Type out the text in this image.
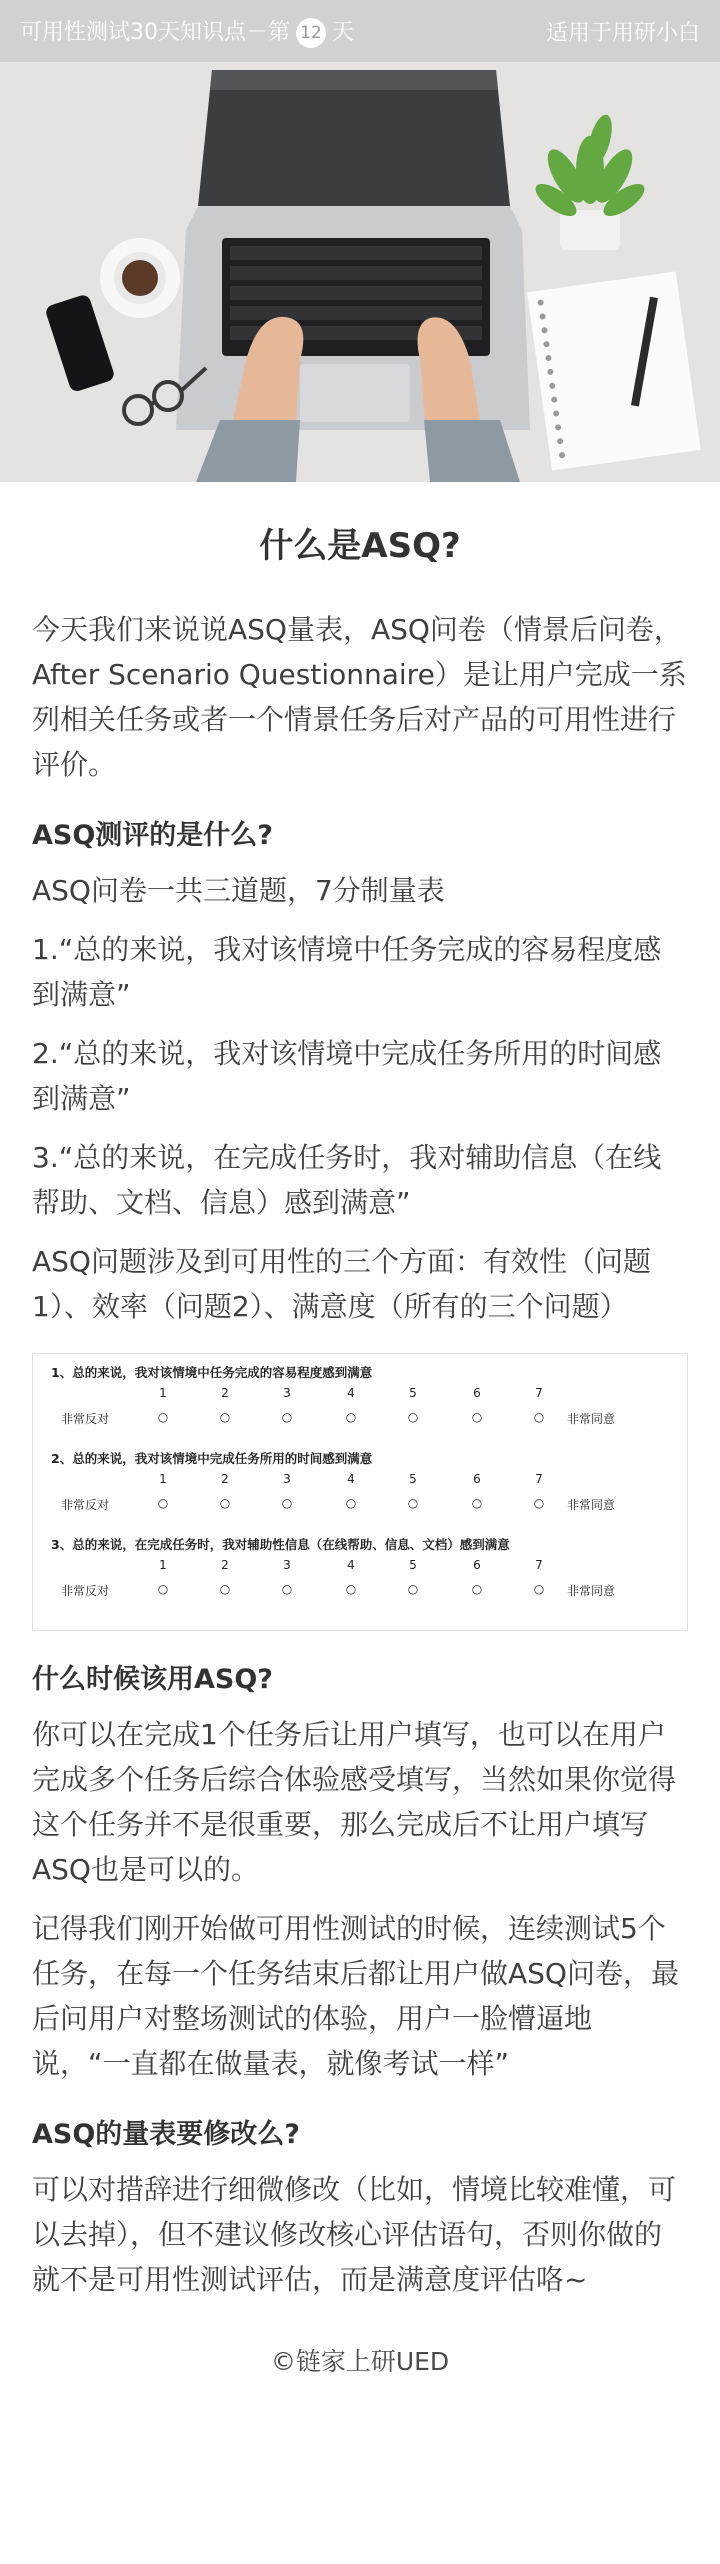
可用性测试30天知识点－第 12 天	适用于用研小白
什么是ASQ?

今天我们来说说ASQ量表，ASQ问卷（情景后问卷，After Scenario Questionnaire）是让用户完成一系列相关任务或者一个情景任务后对产品的可用性进行评价。

ASQ测评的是什么?

ASQ问卷一共三道题，7分制量表

1.“总的来说，我对该情境中任务完成的容易程度感到满意”

2.“总的来说，我对该情境中完成任务所用的时间感到满意”

3.“总的来说，在完成任务时，我对辅助信息（在线帮助、文档、信息）感到满意”

ASQ问题涉及到可用性的三个方面：有效性（问题1）、效率（问题2）、满意度（所有的三个问题）

1、总的来说，我对该情境中任务完成的容易程度感到满意
1	2	3	4	5	6	7
非常反对	○	○	○	○	○	○	○	非常同意
2、总的来说，我对该情境中完成任务所用的时间感到满意
1	2	3	4	5	6	7
非常反对	○	○	○	○	○	○	○	非常同意
3、总的来说，在完成任务时，我对辅助性信息（在线帮助、信息、文档）感到满意
1	2	3	4	5	6	7
非常反对	○	○	○	○	○	○	○	非常同意
什么时候该用ASQ?

你可以在完成1个任务后让用户填写，也可以在用户完成多个任务后综合体验感受填写，当然如果你觉得这个任务并不是很重要，那么完成后不让用户填写ASQ也是可以的。

记得我们刚开始做可用性测试的时候，连续测试5个任务，在每一个任务结束后都让用户做ASQ问卷，最后问用户对整场测试的体验，用户一脸懵逼地说，“一直都在做量表，就像考试一样”

ASQ的量表要修改么?

可以对措辞进行细微修改（比如，情境比较难懂，可以去掉），但不建议修改核心评估语句，否则你做的就不是可用性测试评估，而是满意度评估咯~

©链家上研UED
